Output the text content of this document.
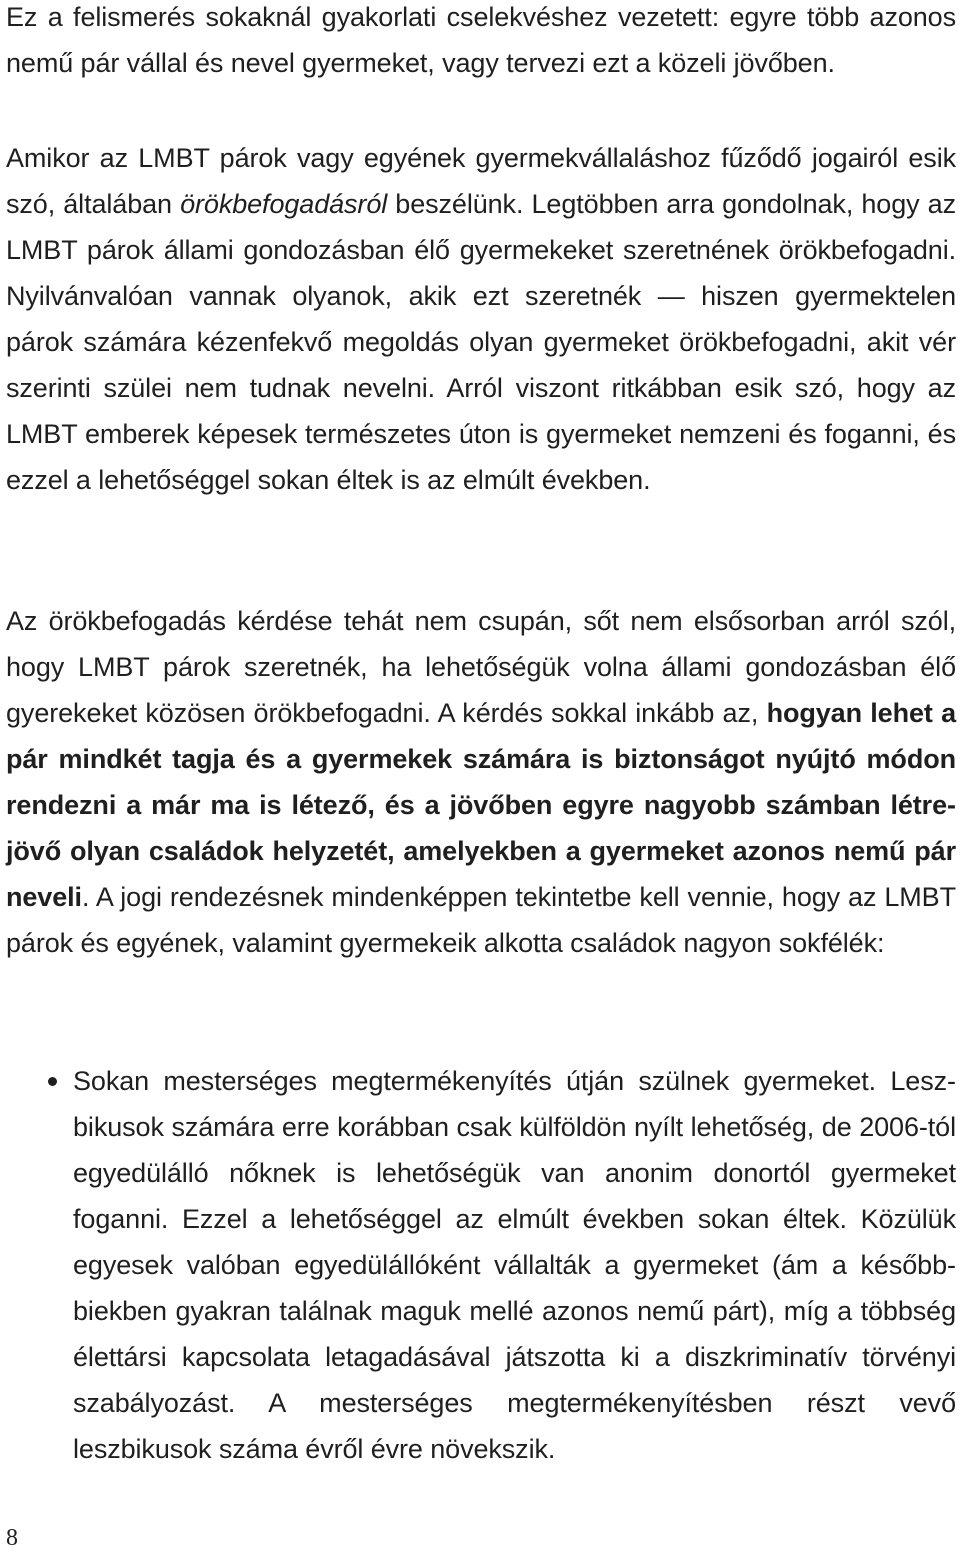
Ez a felismerés sokaknál gyakorlati cselekvéshez vezetett: egyre több azonos nemű pár vállal és nevel gyermeket, vagy tervezi ezt a közeli jövőben.

Amikor az LMBT párok vagy egyének gyermekvállaláshoz fűződő jogairól esik szó, általában örökbefogadásról beszélünk. Legtöbben arra gondolnak, hogy az LMBT párok állami gondozásban élő gyermekeket szeretnének örökbefogadni. Nyilvánvalóan vannak olyanok, akik ezt szeretnék — hiszen gyermektelen párok számára kézenfekvő megoldás olyan gyermeket örökbefogadni, akit vér szerinti szülei nem tudnak nevelni. Arról viszont ritkábban esik szó, hogy az LMBT emberek képesek természetes úton is gyermeket nemzeni és foganni, és ezzel a lehetőséggel sokan éltek is az elmúlt években.

Az örökbefogadás kérdése tehát nem csupán, sőt nem elsősorban arról szól, hogy LMBT párok szeretnék, ha lehetőségük volna állami gondozásban élő gyerekeket közösen örökbefogadni. A kérdés sokkal inkább az, hogyan lehet a pár mindkét tagja és a gyermekek számára is biztonságot nyújtó módon rendezni a már ma is létező, és a jövőben egyre nagyobb számban létrejövő olyan családok helyzetét, amelyekben a gyermeket azonos nemű pár neveli. A jogi rendezésnek mindenképpen tekintetbe kell vennie, hogy az LMBT párok és egyének, valamint gyermekeik alkotta családok nagyon sokfélék:

Sokan mesterséges megtermékenyítés útján szülnek gyermeket. Leszbikusok számára erre korábban csak külföldön nyílt lehetőség, de 2006-tól egyedülálló nőknek is lehetőségük van anonim donortól gyermeket foganni. Ezzel a lehetőséggel az elmúlt években sokan éltek. Közülük egyesek valóban egyedülállóként vállalták a gyermeket (ám a későbbbiekben gyakran találnak maguk mellé azonos nemű párt), míg a többség élettársi kapcsolata letagadásával játszotta ki a diszkriminatív törvényi szabályozást. A mesterséges megtermékenyítésben részt vevő leszbikusok száma évről évre növekszik.
8
